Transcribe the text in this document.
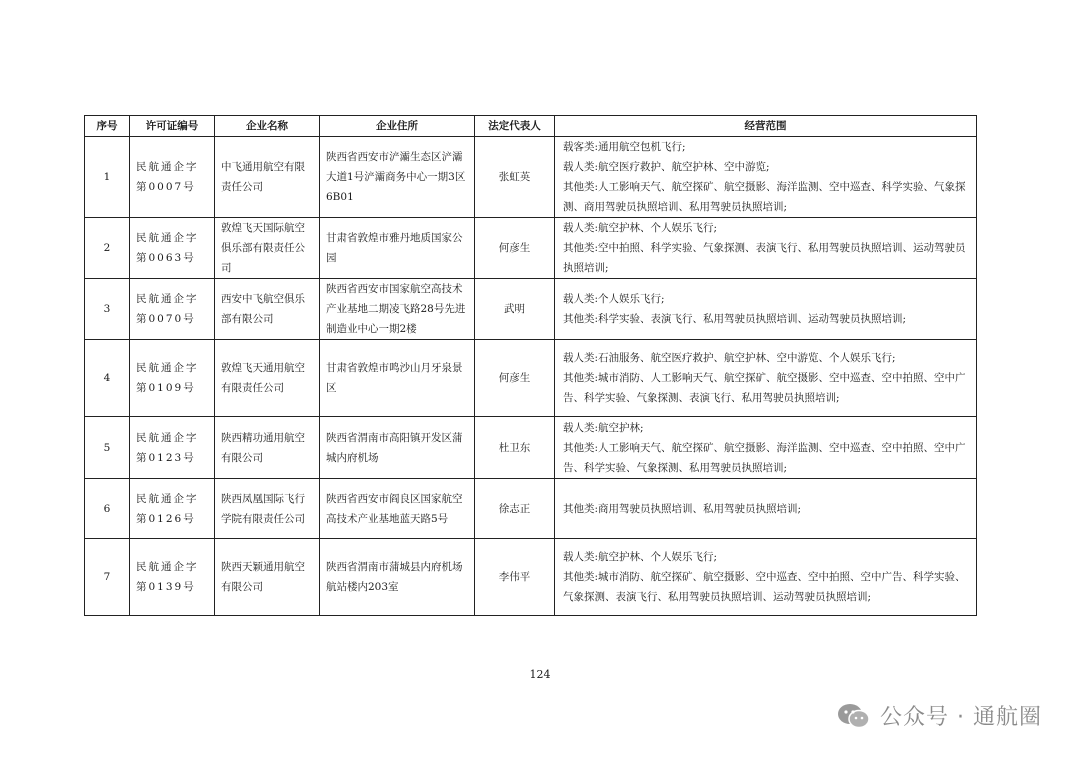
序号	许可证编号	企业名称	企业住所	法定代表人	经营范围
1	民航通企字第0007号	中飞通用航空有限责任公司	陕西省西安市浐灞生态区浐灞大道1号浐灞商务中心一期3区6B01	张虹英	载客类:通用航空包机飞行;
载人类:航空医疗救护、航空护林、空中游览;
其他类:人工影响天气、航空探矿、航空摄影、海洋监测、空中巡查、科学实验、气象探测、商用驾驶员执照培训、私用驾驶员执照培训;

2	民航通企字第0063号	敦煌飞天国际航空俱乐部有限责任公司	甘肃省敦煌市雅丹地质国家公园	何彦生	载人类:航空护林、个人娱乐飞行;
其他类:空中拍照、科学实验、气象探测、表演飞行、私用驾驶员执照培训、运动驾驶员执照培训;

3	民航通企字第0070号	西安中飞航空俱乐部有限公司	陕西省西安市国家航空高技术产业基地二期凌飞路28号先进制造业中心一期2楼	武明	载人类:个人娱乐飞行;
其他类:科学实验、表演飞行、私用驾驶员执照培训、运动驾驶员执照培训;

4	民航通企字第0109号	敦煌飞天通用航空有限责任公司	甘肃省敦煌市鸣沙山月牙泉景区	何彦生	载人类:石油服务、航空医疗救护、航空护林、空中游览、个人娱乐飞行;
其他类:城市消防、人工影响天气、航空探矿、航空摄影、空中巡查、空中拍照、空中广告、科学实验、气象探测、表演飞行、私用驾驶员执照培训;

5	民航通企字第0123号	陕西精功通用航空有限公司	陕西省渭南市高阳镇开发区蒲城内府机场	杜卫东	载人类:航空护林;
其他类:人工影响天气、航空探矿、航空摄影、海洋监测、空中巡查、空中拍照、空中广告、科学实验、气象探测、私用驾驶员执照培训;

6	民航通企字第0126号	陕西凤凰国际飞行学院有限责任公司	陕西省西安市阎良区国家航空高技术产业基地蓝天路5号	徐志正	其他类:商用驾驶员执照培训、私用驾驶员执照培训;

7	民航通企字第0139号	陕西天颖通用航空有限公司	陕西省渭南市蒲城县内府机场航站楼内203室	李伟平	载人类:航空护林、个人娱乐飞行;
其他类:城市消防、航空探矿、航空摄影、空中巡查、空中拍照、空中广告、科学实验、气象探测、表演飞行、私用驾驶员执照培训、运动驾驶员执照培训;
124
公众号 · 通航圈
